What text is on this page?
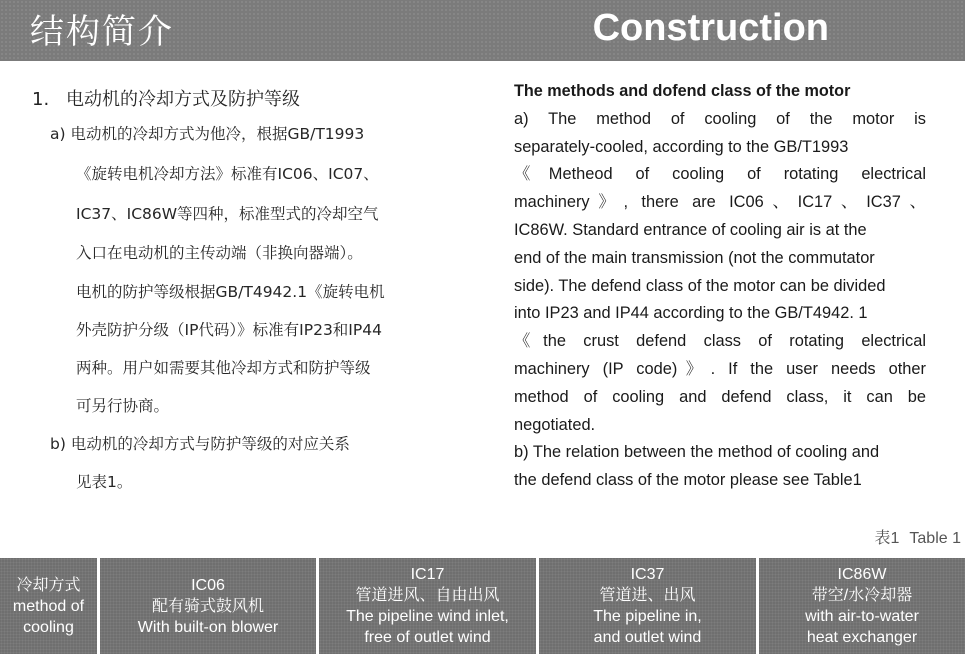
结构简介	Construction
1. 电动机的冷却方式及防护等级
a) 电动机的冷却方式为他冷，根据GB/T1993
《旋转电机冷却方法》标准有IC06、IC07、
IC37、IC86W等四种，标准型式的冷却空气
入口在电动机的主传动端（非换向器端）。
电机的防护等级根据GB/T4942.1《旋转电机
外壳防护分级（IP代码）》标准有IP23和IP44
两种。用户如需要其他冷却方式和防护等级
可另行协商。
b) 电动机的冷却方式与防护等级的对应关系
见表1。
The methods and dofend class of the motor
a) The method of cooling of the motor is
separately-cooled, according to the GB/T1993
《Metheod of cooling of rotating electrical
machinery》, there are IC06、IC17、IC37、
IC86W. Standard entrance of cooling air is at the
end of the main transmission (not the commutator
side). The defend class of the motor can be divided
into IP23 and IP44 according to the GB/T4942. 1
《the crust defend class of rotating electrical
machinery (IP code)》. If the user needs other
method of cooling and defend class, it can be
negotiated.
b) The relation between the method of cooling and
the defend class of the motor please see Table1
表1 Table 1
冷却方式
method of
cooling
IC06
配有骑式鼓风机
With built-on blower
IC17
管道进风、自由出风
The pipeline wind inlet,
free of outlet wind
IC37
管道进、出风
The pipeline in,
and outlet wind
IC86W
带空/水冷却器
with air-to-water
heat exchanger
